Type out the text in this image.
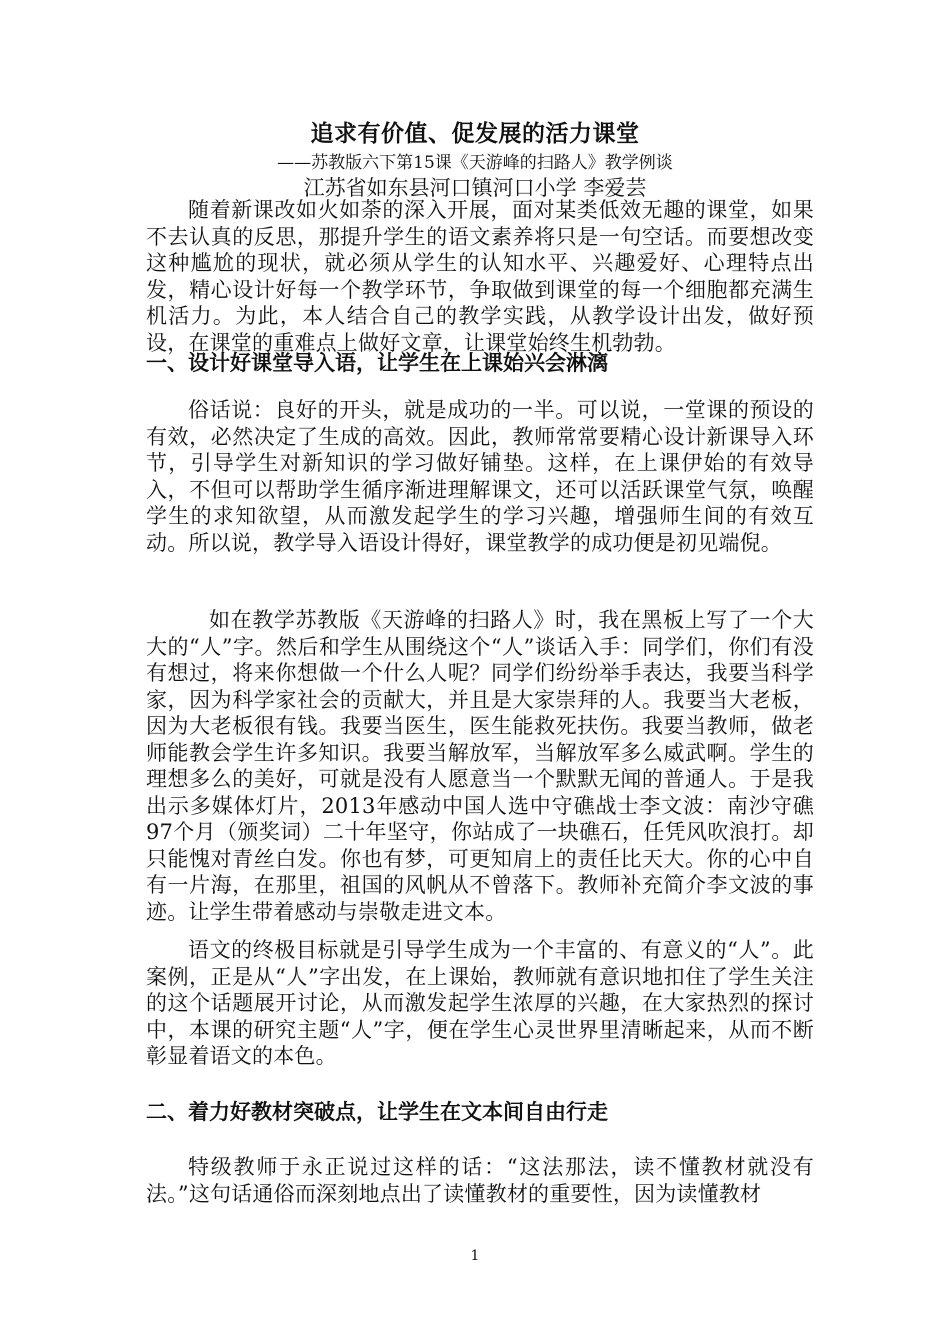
追求有价值、促发展的活力课堂
——苏教版六下第15课《天游峰的扫路人》教学例谈
江苏省如东县河口镇河口小学 李爱芸

随着新课改如火如荼的深入开展，面对某类低效无趣的课堂，如果不去认真的反思，那提升学生的语文素养将只是一句空话。而要想改变这种尴尬的现状，就必须从学生的认知水平、兴趣爱好、心理特点出发，精心设计好每一个教学环节，争取做到课堂的每一个细胞都充满生机活力。为此，本人结合自己的教学实践，从教学设计出发，做好预设，在课堂的重难点上做好文章，让课堂始终生机勃勃。

一、设计好课堂导入语，让学生在上课始兴会淋漓

俗话说：良好的开头，就是成功的一半。可以说，一堂课的预设的有效，必然决定了生成的高效。因此，教师常常要精心设计新课导入环节，引导学生对新知识的学习做好铺垫。这样，在上课伊始的有效导入，不但可以帮助学生循序渐进理解课文，还可以活跃课堂气氛，唤醒学生的求知欲望，从而激发起学生的学习兴趣，增强师生间的有效互动。所以说，教学导入语设计得好，课堂教学的成功便是初见端倪。

如在教学苏教版《天游峰的扫路人》时，我在黑板上写了一个大大的“人”字。然后和学生从围绕这个“人”谈话入手：同学们，你们有没有想过，将来你想做一个什么人呢？同学们纷纷举手表达，我要当科学家，因为科学家社会的贡献大，并且是大家崇拜的人。我要当大老板，因为大老板很有钱。我要当医生，医生能救死扶伤。我要当教师，做老师能教会学生许多知识。我要当解放军，当解放军多么威武啊。学生的理想多么的美好，可就是没有人愿意当一个默默无闻的普通人。于是我出示多媒体灯片，2013年感动中国人选中守礁战士李文波：南沙守礁97个月（颁奖词）二十年坚守，你站成了一块礁石，任凭风吹浪打。却只能愧对青丝白发。你也有梦，可更知肩上的责任比天大。你的心中自有一片海，在那里，祖国的风帆从不曾落下。教师补充简介李文波的事迹。让学生带着感动与崇敬走进文本。

语文的终极目标就是引导学生成为一个丰富的、有意义的“人”。此案例，正是从“人”字出发，在上课始，教师就有意识地扣住了学生关注的这个话题展开讨论，从而激发起学生浓厚的兴趣，在大家热烈的探讨中，本课的研究主题“人”字，便在学生心灵世界里清晰起来，从而不断彰显着语文的本色。

二、着力好教材突破点，让学生在文本间自由行走

特级教师于永正说过这样的话：“这法那法，读不懂教材就没有法。”这句话通俗而深刻地点出了读懂教材的重要性，因为读懂教材

1
